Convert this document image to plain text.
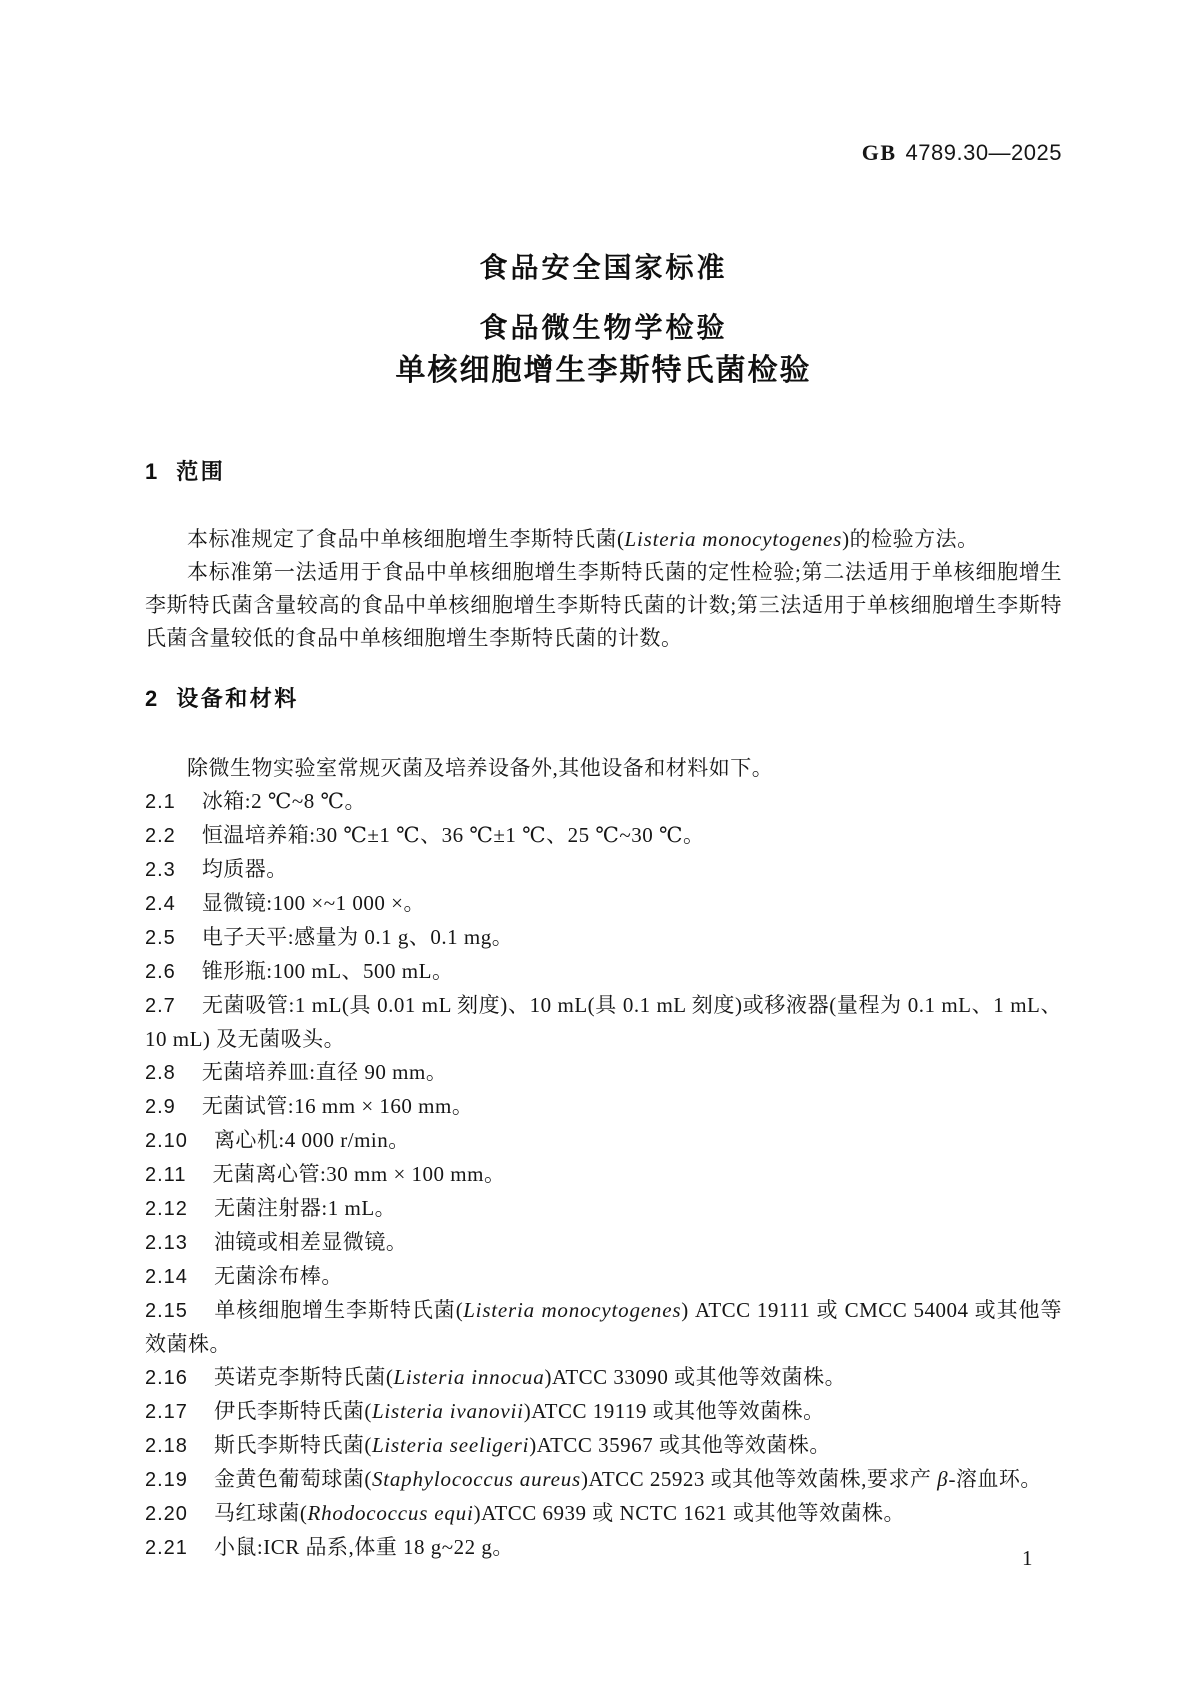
GB 4789.30—2025
食品安全国家标准
食品微生物学检验
单核细胞增生李斯特氏菌检验
1 范围

本标准规定了食品中单核细胞增生李斯特氏菌(Listeria monocytogenes)的检验方法。

本标准第一法适用于食品中单核细胞增生李斯特氏菌的定性检验;第二法适用于单核细胞增生李斯特氏菌含量较高的食品中单核细胞增生李斯特氏菌的计数;第三法适用于单核细胞增生李斯特氏菌含量较低的食品中单核细胞增生李斯特氏菌的计数。

2 设备和材料

除微生物实验室常规灭菌及培养设备外,其他设备和材料如下。

2.1 冰箱:2 ℃~8 ℃。

2.2 恒温培养箱:30 ℃±1 ℃、36 ℃±1 ℃、25 ℃~30 ℃。

2.3 均质器。

2.4 显微镜:100 ×~1 000 ×。

2.5 电子天平:感量为 0.1 g、0.1 mg。

2.6 锥形瓶:100 mL、500 mL。

2.7 无菌吸管:1 mL(具 0.01 mL 刻度)、10 mL(具 0.1 mL 刻度)或移液器(量程为 0.1 mL、1 mL、10 mL) 及无菌吸头。

2.8 无菌培养皿:直径 90 mm。

2.9 无菌试管:16 mm × 160 mm。

2.10 离心机:4 000 r/min。

2.11 无菌离心管:30 mm × 100 mm。

2.12 无菌注射器:1 mL。

2.13 油镜或相差显微镜。

2.14 无菌涂布棒。

2.15 单核细胞增生李斯特氏菌(Listeria monocytogenes) ATCC 19111 或 CMCC 54004 或其他等效菌株。

2.16 英诺克李斯特氏菌(Listeria innocua)ATCC 33090 或其他等效菌株。

2.17 伊氏李斯特氏菌(Listeria ivanovii)ATCC 19119 或其他等效菌株。

2.18 斯氏李斯特氏菌(Listeria seeligeri)ATCC 35967 或其他等效菌株。

2.19 金黄色葡萄球菌(Staphylococcus aureus)ATCC 25923 或其他等效菌株,要求产 β-溶血环。

2.20 马红球菌(Rhodococcus equi)ATCC 6939 或 NCTC 1621 或其他等效菌株。

2.21 小鼠:ICR 品系,体重 18 g~22 g。	1
